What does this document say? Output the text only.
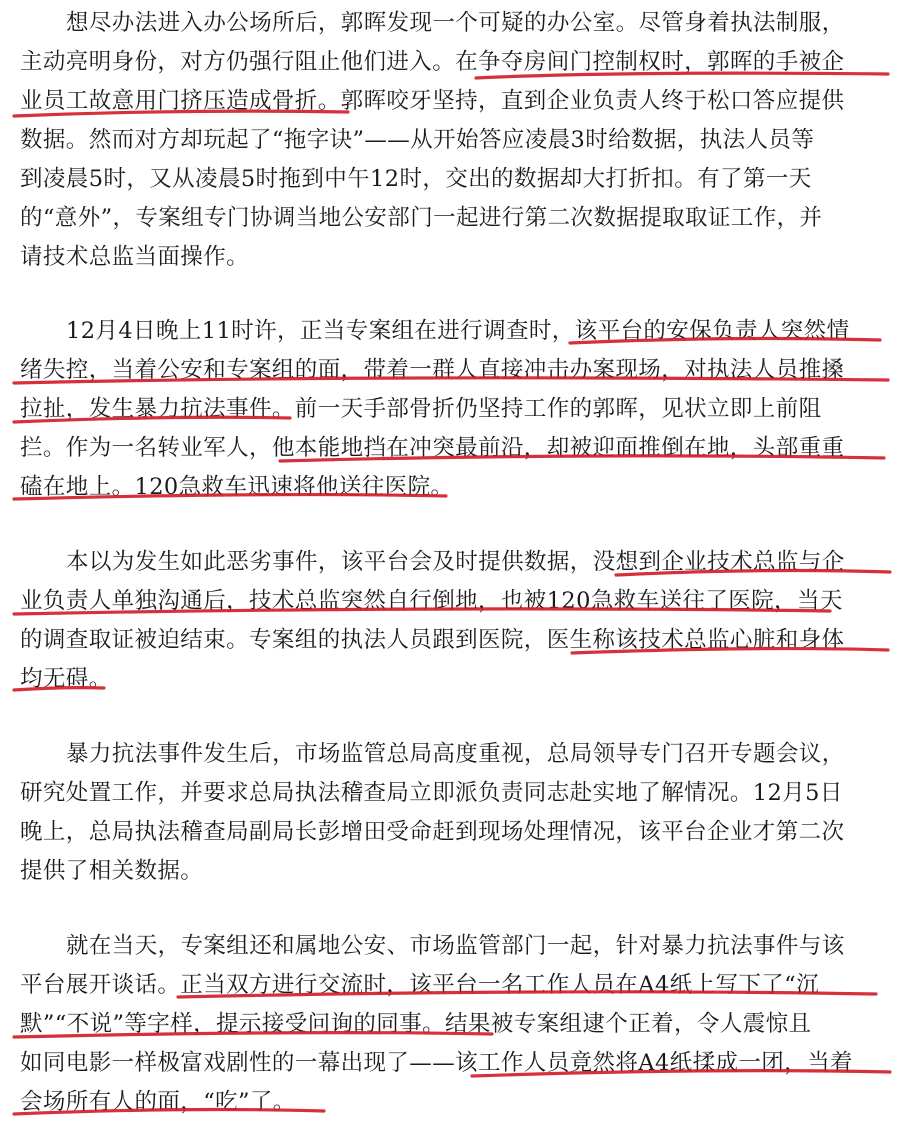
想尽办法进入办公场所后，郭晖发现一个可疑的办公室。尽管身着执法制服，
主动亮明身份，对方仍强行阻止他们进入。在争夺房间门控制权时，郭晖的手被企
业员工故意用门挤压造成骨折。郭晖咬牙坚持，直到企业负责人终于松口答应提供
数据。然而对方却玩起了“拖字诀”——从开始答应凌晨3时给数据，执法人员等
到凌晨5时，又从凌晨5时拖到中午12时，交出的数据却大打折扣。有了第一天
的“意外”，专案组专门协调当地公安部门一起进行第二次数据提取取证工作，并
请技术总监当面操作。
12月4日晚上11时许，正当专案组在进行调查时，该平台的安保负责人突然情
绪失控，当着公安和专案组的面，带着一群人直接冲击办案现场，对执法人员推搡
拉扯，发生暴力抗法事件。前一天手部骨折仍坚持工作的郭晖，见状立即上前阻
拦。作为一名转业军人，他本能地挡在冲突最前沿，却被迎面推倒在地，头部重重
磕在地上。120急救车迅速将他送往医院。
本以为发生如此恶劣事件，该平台会及时提供数据，没想到企业技术总监与企
业负责人单独沟通后，技术总监突然自行倒地，也被120急救车送往了医院，当天
的调查取证被迫结束。专案组的执法人员跟到医院，医生称该技术总监心脏和身体
均无碍。
暴力抗法事件发生后，市场监管总局高度重视，总局领导专门召开专题会议，
研究处置工作，并要求总局执法稽查局立即派负责同志赴实地了解情况。12月5日
晚上，总局执法稽查局副局长彭增田受命赶到现场处理情况，该平台企业才第二次
提供了相关数据。
就在当天，专案组还和属地公安、市场监管部门一起，针对暴力抗法事件与该
平台展开谈话。正当双方进行交流时，该平台一名工作人员在A4纸上写下了“沉
默”“不说”等字样，提示接受问询的同事。结果被专案组逮个正着，令人震惊且
如同电影一样极富戏剧性的一幕出现了——该工作人员竟然将A4纸揉成一团，当着
会场所有人的面，“吃”了。
